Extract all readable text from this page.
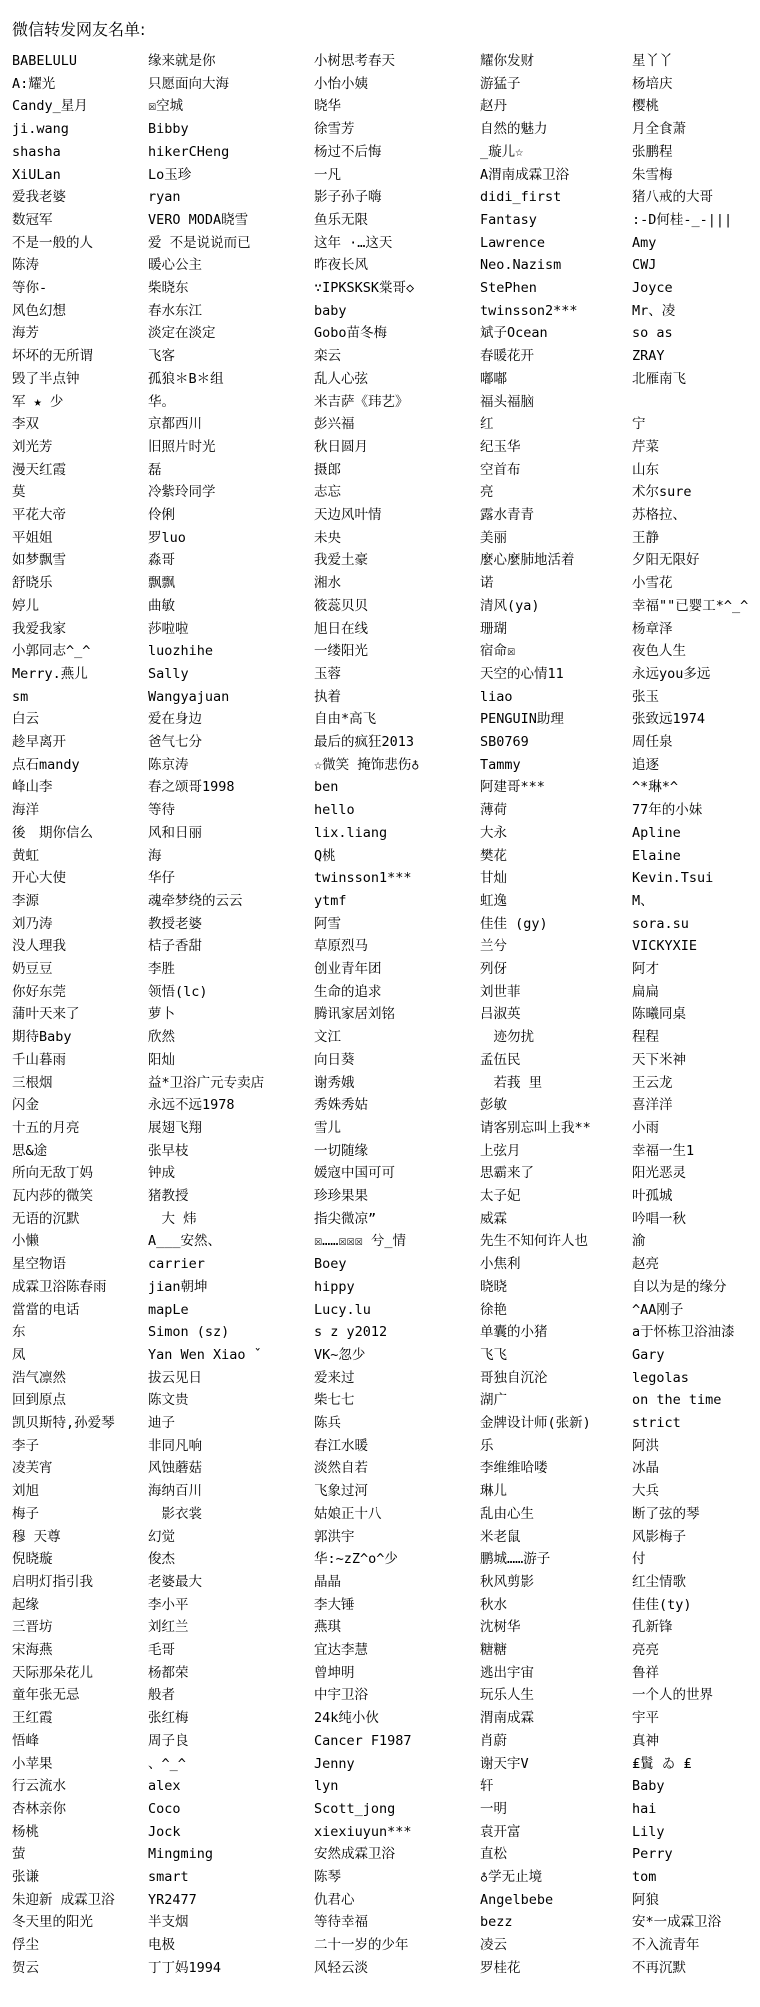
微信转发网友名单:
BABELULU
A:耀光
Candy_星月
ji.wang
shasha
XiULan
爱我老婆
数冠军
不是一般的人
陈涛
等你-
风色幻想
海芳
坏坏的无所谓
毁了半点钟
军 ★ 少
李双
刘光芳
漫天红霞
莫
平花大帝
平姐姐
如梦飘雪
舒晓乐
婷儿
我爱我家
小郭同志^_^
Merry.燕儿
sm
白云
趁早离开
点石mandy
峰山李
海洋
後　期你信么
黄虹
开心大使
李源
刘乃涛
没人理我
奶豆豆
你好东莞
蒲叶天来了
期待Baby
千山暮雨
三根烟
闪金
十五的月亮
思&途
所向无敌丁妈
瓦内莎的微笑
无语的沉默
小懒
星空物语
成霖卫浴陈春雨
當當的电话
东
凤
浩气凛然
回到原点
凯贝斯特,孙爱琴
李子
凌芙宵
刘旭
梅子
穆 天尊
倪晓璇
启明灯指引我
起缘
三晋坊
宋海燕
天际那朵花儿
童年张无忌
王红霞
悟峰
小苹果
行云流水
杏林亲你
杨桃
萤
张谦
朱迎新 成霖卫浴
冬天里的阳光
俘尘
贺云
缘来就是你
只愿面向大海
☒空城
Bibby
hikerCHeng
Lo玉珍
ryan
VERO MODA晓雪
爱 不是说说而已
暖心公主
柴晓东
春水东江
淡定在淡定
飞客
孤狼＊B＊组
华。
京都西川
旧照片时光
磊
冷紫玲同学
伶俐
罗luo
淼哥
飘飘
曲敏
莎啦啦
luozhihe
Sally
Wangyajuan
爱在身边
爸气七分
陈京涛
春之颂哥1998
等待
风和日丽
海
华仔
魂牵梦绕的云云
教授老婆
桔子香甜
李胜
领悟(lc)
萝卜
欣然
阳灿
益*卫浴广元专卖店
永远不远1978
展翅飞翔
张早枝
钟成
猪教授
　大 炜
A___安然、
carrier
jian朝坤
mapLe
Simon (sz)
Yan Wen Xiao ˇ
拔云见日
陈文贵
迪子
非同凡响
风蚀蘑菇
海纳百川
　影衣裳
幻觉
俊杰
老婆最大
李小平
刘红兰
毛哥
杨都荣
般者
张红梅
周子良
、^_^
alex
Coco
Jock
Mingming
smart
YR2477
半支烟
电极
丁丁妈1994
小树思考春天
小怡小姨
晓华
徐雪芳
杨过不后悔
一凡
影子孙子嗨
鱼乐无限
这年 ·…这天
昨夜长风
∵IPKSKSK棠哥◇
baby
Gobo苗冬梅
栾云
乱人心弦
米吉萨《玮艺》
彭兴福
秋日圆月
摄郎
志忘
天边风叶情
未央
我爱土豪
湘水
筱蕊贝贝
旭日在线
一缕阳光
玉蓉
执着
自由*高飞
最后的疯狂2013
☆微笑 掩饰悲伤♁
ben
hello
lix.liang
Q桃
twinsson1***
ytmf
阿雪
草原烈马
创业青年团
生命的追求
腾讯家居刘铭
文江
向日葵
谢秀娥
秀姝秀姑
雪儿
一切随缘
媛寇中国可可
珍珍果果
指尖微凉”
☒……☒☒☒ 兮_情
Boey
hippy
Lucy.lu
s z y2012
VK~忽少
爱来过
柴七七
陈兵
春江水暖
淡然自若
飞象过河
姑娘正十八
郭洪宇
华:~zZ^o^少
晶晶
李大锤
燕琪
宜达李慧
曾坤明
中宇卫浴
24k纯小伙
Cancer F1987
Jenny
lyn
Scott_jong
xiexiuyun***
安然成霖卫浴
陈琴
仇君心
等待幸福
二十一岁的少年
风轻云淡
耀你发财
游猛子
赵丹
自然的魅力
_璇儿☆
A渭南成霖卫浴
didi_first
Fantasy
Lawrence
Neo.Nazism
StePhen
twinsson2***
斌子Ocean
春暖花开
嘟嘟
福头福脑
红
纪玉华
空首布
亮
露水青青
美丽
麼心麼肺地活着
诺
清风(ya)
珊瑚
宿命☒
天空的心情11
liao
PENGUIN助理
SB0769
Tammy
阿建哥***
薄荷
大永
樊花
甘灿
虹逸
佳佳 (gy)
兰兮
列伢
刘世菲
吕淑英
　迹勿扰
孟伍民
　若莪 里
彭敏
请客别忘叫上我**
上弦月
思霸来了
太子妃
威霖
先生不知何许人也
小焦利
晓晓
徐艳
单囊的小猪
飞飞
哥独自沉沦
湖广
金牌设计师(张新)
乐
李维维哈喽
琳儿
乱由心生
米老鼠
鹏城……游子
秋风剪影
秋水
沈树华
糖糖
逃出宇宙
玩乐人生
渭南成霖
肖蔚
谢天宇V
轩
一明
袁开富
直松
♁学无止境
Angelbebe
bezz
凌云
罗桂花
星丫丫
杨培庆
樱桃
月全食萧
张鹏程
朱雪梅
猪八戒的大哥
:-D何桂-_-|||
Amy
CWJ
Joyce
Mr、凌
so as
ZRAY
北雁南飞
宁
芹菜
山东
术尔sure
苏格拉、
王静
夕阳无限好
小雪花
幸福""已婴工*^_^
杨章泽
夜色人生
永远you多远
张玉
张致远1974
周任泉
追逐
^*琳*^
77年的小妹
Apline
Elaine
Kevin.Tsui
M、
sora.su
VICKYXIE
阿才
扁扁
陈曦同桌
程程
天下米神
王云龙
喜洋洋
小雨
幸福一生1
阳光恶灵
叶孤城
吟唱一秋
渝
赵亮
自以为是的缘分
^AA刚子
a于怀栋卫浴油漆
Gary
legolas
on the time
strict
阿洪
冰晶
大兵
断了弦的琴
风影梅子
付
红尘情歌
佳佳(ty)
孔新锋
亮亮
鲁祥
一个人的世界
宇平
真神
₤鬒 ゐ ₤
Baby
hai
Lily
Perry
tom
阿狼
安*一成霖卫浴
不入流青年
不再沉默
